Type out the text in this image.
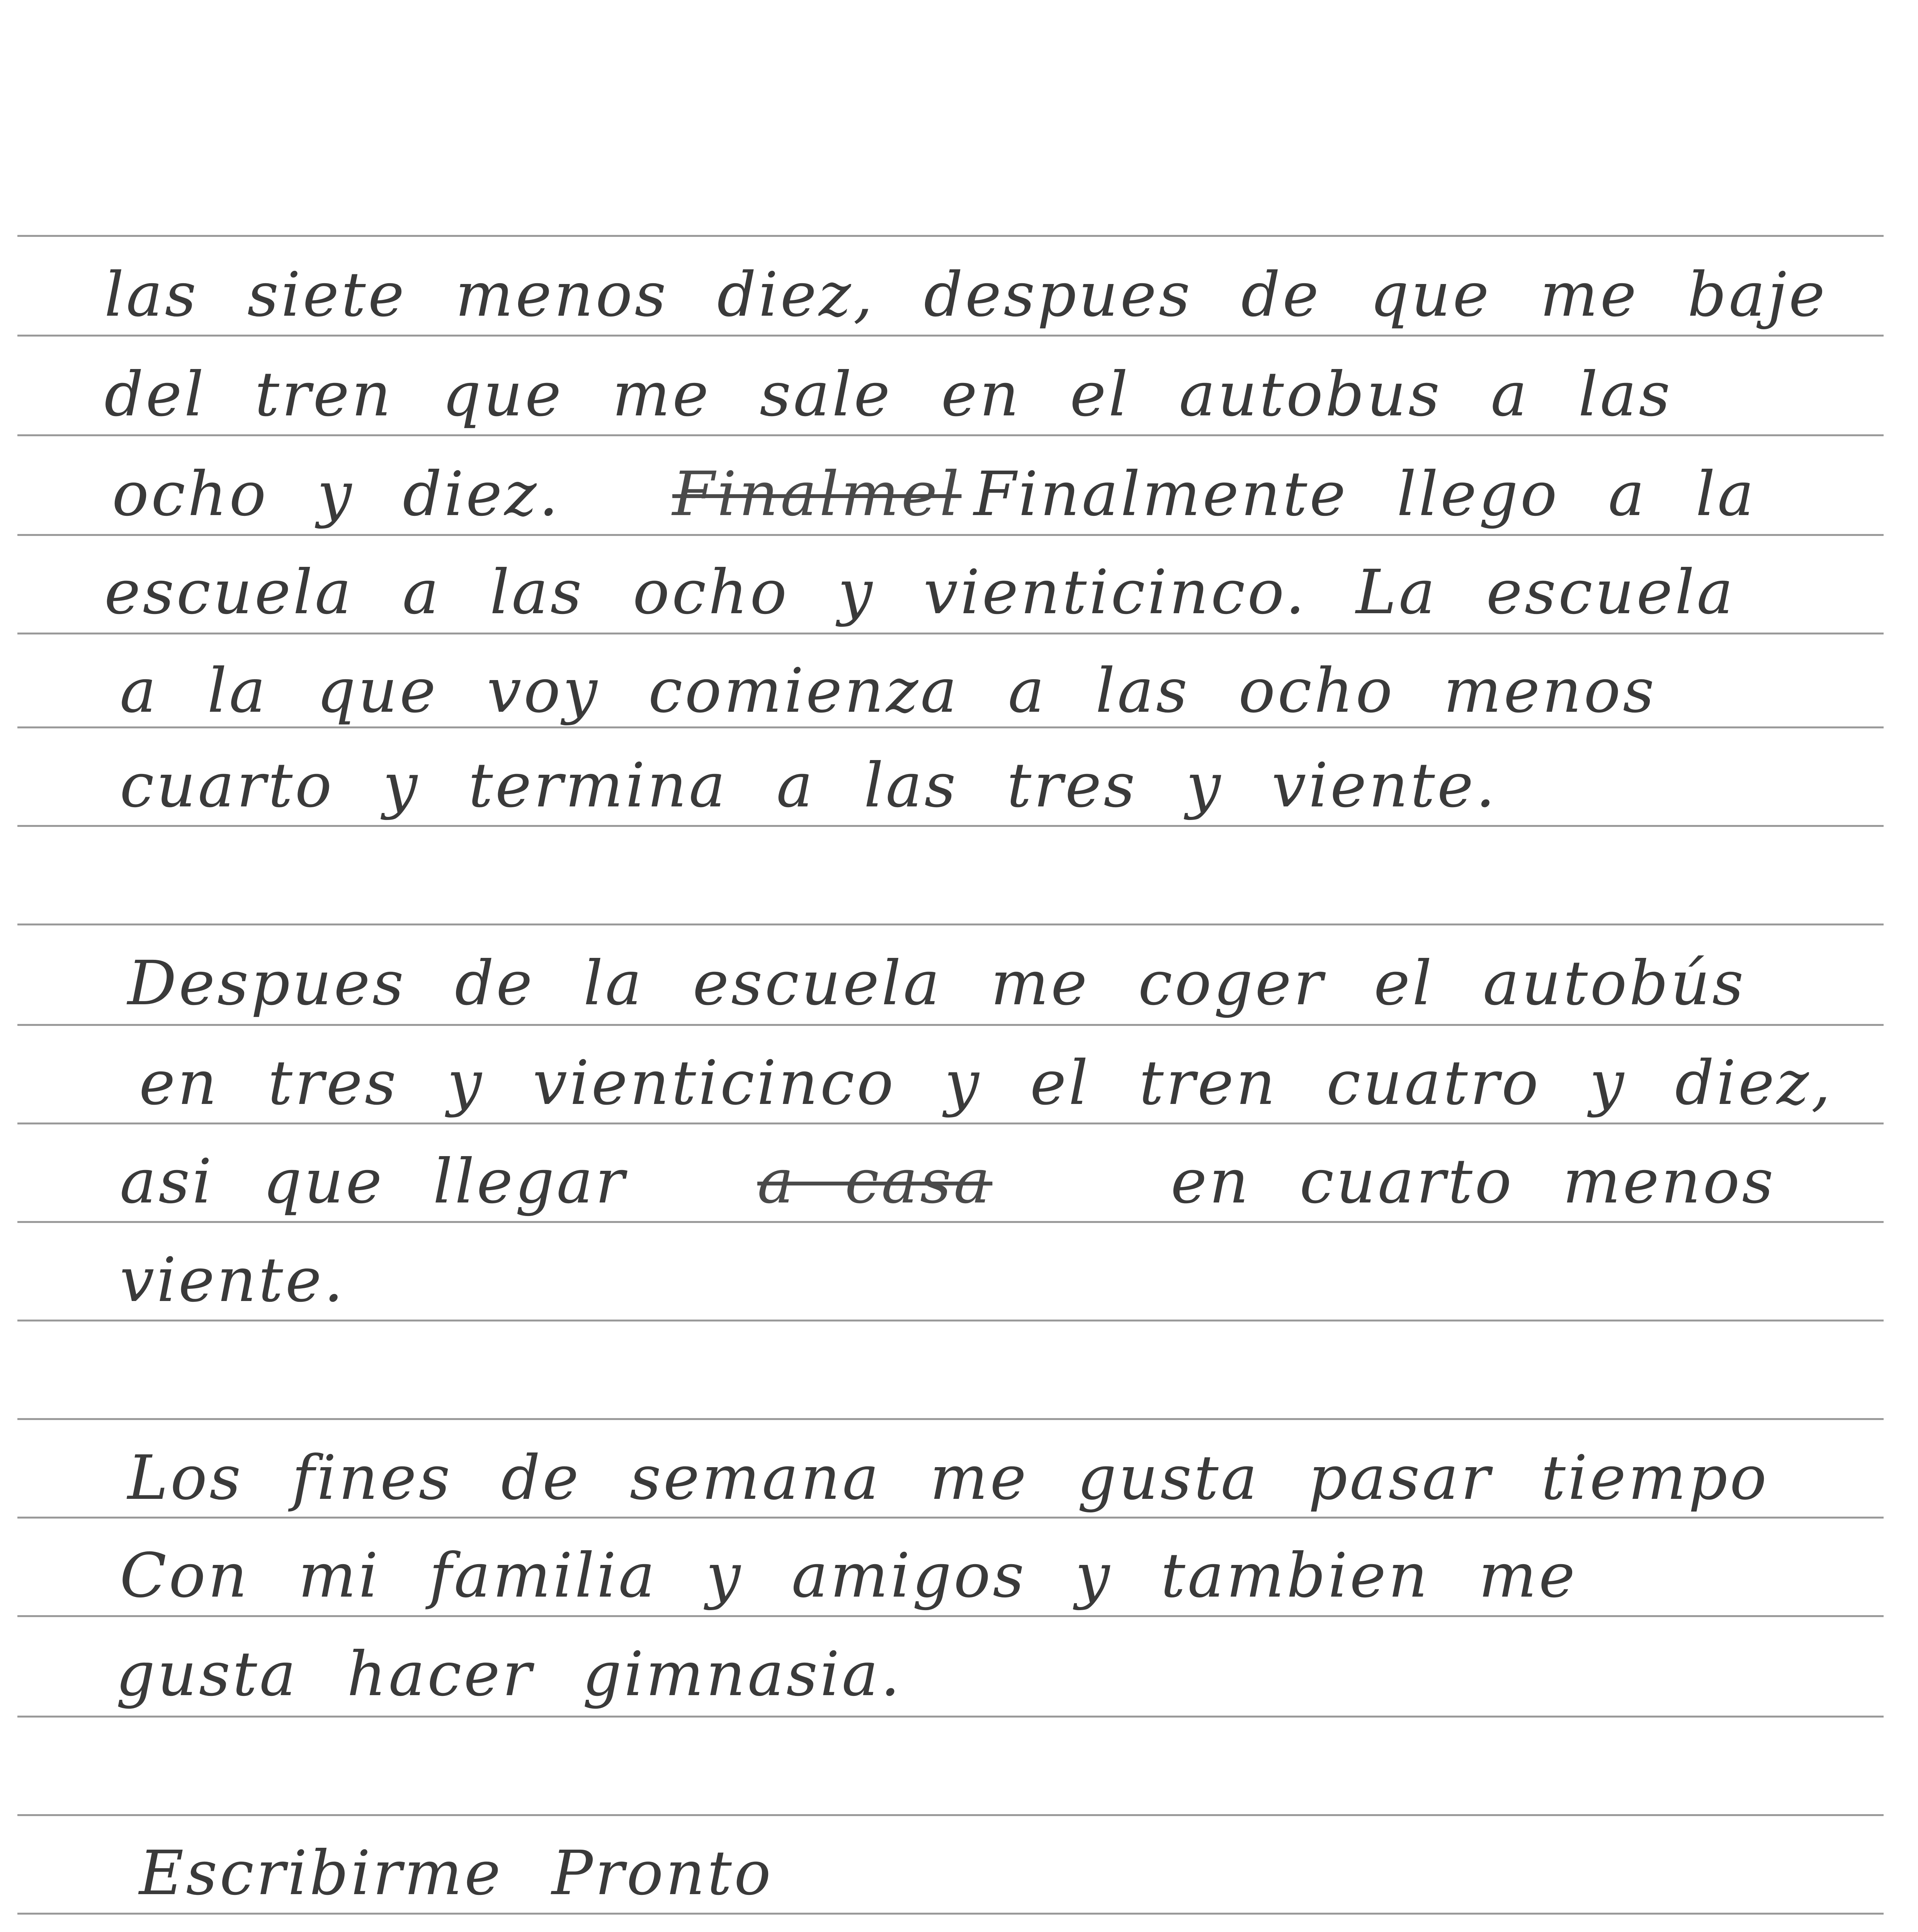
las siete menos diez, despues de que me baje
del tren que me sale en el autobus a las
ocho y diez. Finalmel Finalmente llego a la
escuela a las ocho y vienticinco. La escuela
a la que voy comienza a las ocho menos
cuarto y termina a las tres y viente.
Despues de la escuela me coger el autobús
en tres y vienticinco y el tren cuatro y diez,
asi que llegar a casa	en cuarto menos
viente.
Los fines de semana me gusta pasar tiempo
Con mi familia y amigos y tambien me
gusta hacer gimnasia.
Escribirme Pronto
